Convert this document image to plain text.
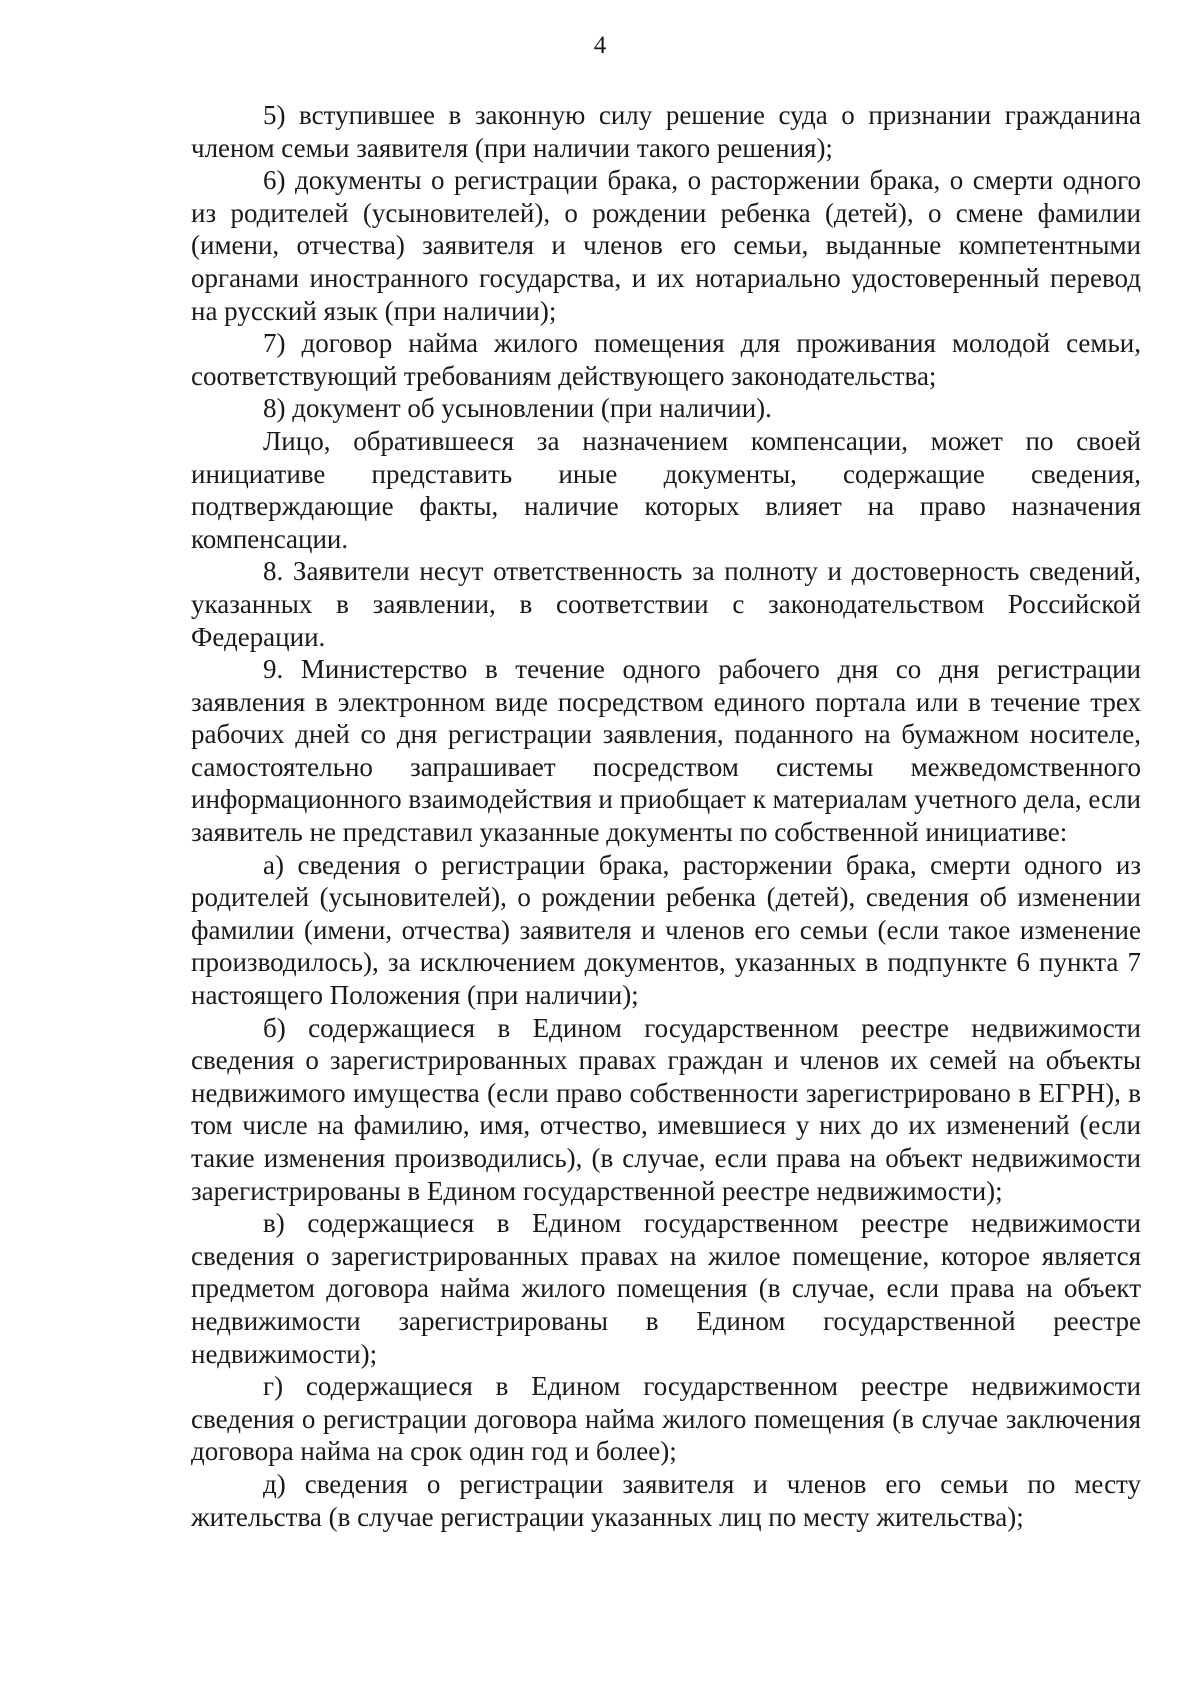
4

5) вступившее в законную силу решение суда о признании гражданина членом семьи заявителя (при наличии такого решения);

6) документы о регистрации брака, о расторжении брака, о смерти одного из родителей (усыновителей), о рождении ребенка (детей), о смене фамилии (имени, отчества) заявителя и членов его семьи, выданные компетентными органами иностранного государства, и их нотариально удостоверенный перевод на русский язык (при наличии);

7) договор найма жилого помещения для проживания молодой семьи, соответствующий требованиям действующего законодательства;

8) документ об усыновлении (при наличии).

Лицо, обратившееся за назначением компенсации, может по своей инициативе представить иные документы, содержащие сведения, подтверждающие факты, наличие которых влияет на право назначения компенсации.

8. Заявители несут ответственность за полноту и достоверность сведений, указанных в заявлении, в соответствии с законодательством Российской Федерации.

9. Министерство в течение одного рабочего дня со дня регистрации заявления в электронном виде посредством единого портала или в течение трех рабочих дней со дня регистрации заявления, поданного на бумажном носителе, самостоятельно запрашивает посредством системы межведомственного информационного взаимодействия и приобщает к материалам учетного дела, если заявитель не представил указанные документы по собственной инициативе:

а) сведения о регистрации брака, расторжении брака, смерти одного из родителей (усыновителей), о рождении ребенка (детей), сведения об изменении фамилии (имени, отчества) заявителя и членов его семьи (если такое изменение производилось), за исключением документов, указанных в подпункте 6 пункта 7 настоящего Положения (при наличии);

б) содержащиеся в Едином государственном реестре недвижимости сведения о зарегистрированных правах граждан и членов их семей на объекты недвижимого имущества (если право собственности зарегистрировано в ЕГРН), в том числе на фамилию, имя, отчество, имевшиеся у них до их изменений (если такие изменения производились), (в случае, если права на объект недвижимости зарегистрированы в Едином государственной реестре недвижимости);

в) содержащиеся в Едином государственном реестре недвижимости сведения о зарегистрированных правах на жилое помещение, которое является предметом договора найма жилого помещения (в случае, если права на объект недвижимости зарегистрированы в Едином государственной реестре недвижимости);

г) содержащиеся в Едином государственном реестре недвижимости сведения о регистрации договора найма жилого помещения (в случае заключения договора найма на срок один год и более);

д) сведения о регистрации заявителя и членов его семьи по месту жительства (в случае регистрации указанных лиц по месту жительства);
